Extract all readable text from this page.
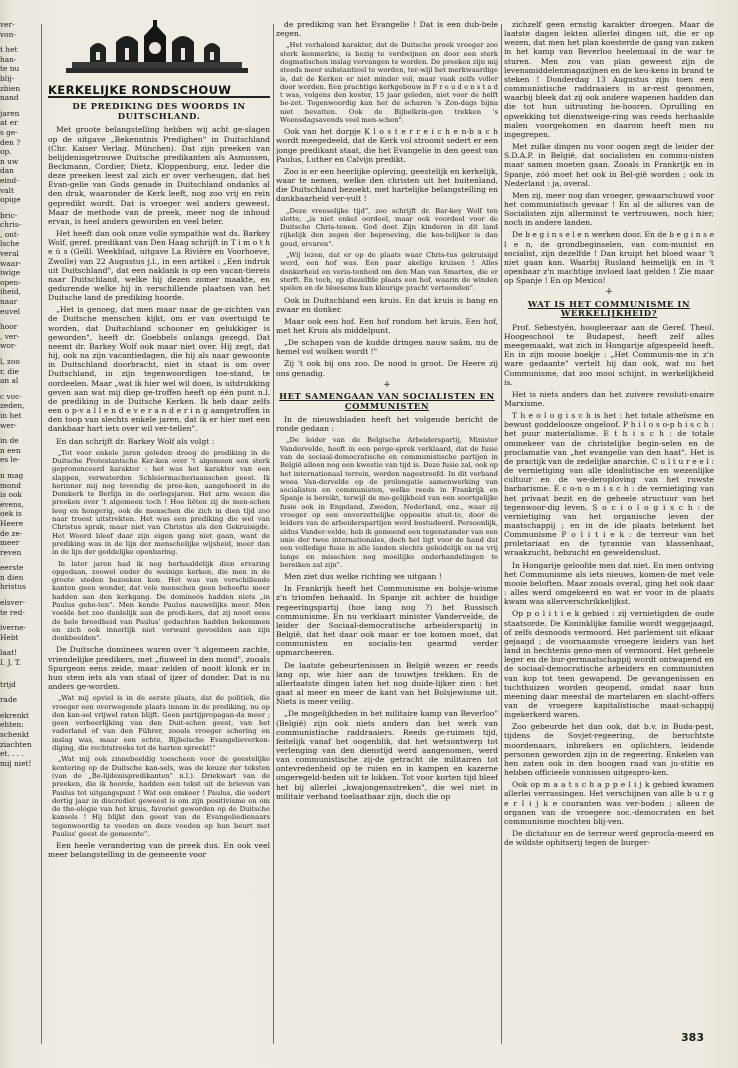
ver-
von-
t het
han-
te nu
blij-
zbien
nand
jaren
at er
s ge-
den ?
op.
n uw
dan
eind-
valt
opige
bric-
chris-
, ont-
lsche
veral
waar-
iwige
open-
iheid,
naar
euvel
hoor
, ver-
wor-
l, zoo
r, die
an al
c voc-
zeden,
in het
wer-
in de
n een
es le-
n mag
mond
is ook
evens,
oek is
Heere
de ze-
meer
reven
eerste
n dien
hristus
elsver-
te red-
iverne-
Hebt
laat!
I. J. T.
trijd
rade
ekrenkt
ehten:
schenkt
ziachten
et. . . .
mij niet!
KERKELIJKE RONDSCHOUW
DE PREDIKING DES WOORDS IN DUITSCHLAND.

Met groote belangstelling hebben wij acht ge-slagen op de uitgave „Bekenntnis Predighen" in Duitschland (Chr. Kaiser Verlag. München). Dat zijn preeken van belijdenisgetrouwe Duitsche predikanten als Asmussen, Beckmann, Cordier, Dietz, Kloppenburg, enz. Ieder die deze preeken leest zal zich er over verheugen, dat het Evan-gelie van Gods genade in Duitschland ondanks al den druk, waaronder de Kerk leeft, nog zoo vrij en rein gepredikt wordt. Dat is vroeger wel anders geweest. Maar de methode van de preek, meer nog de inhoud ervan, is heel anders geworden en veel beter.

Het heeft dan ook onze volle sympathie wat ds. Barkey Wolf, geref. predikant van Den Haag schrijft in T i m o t h e ü s (Geïll. Weekblad, uitgave La Rivière en Voorhoeve, Zwolle) van 22 Augustus j.l., in een artikel : „Een indruk uit Duitschland", dat een naklank is op een vacan-tiereis naar Duitschland, welke hij dezen zomer maakte, en gedurende welke hij in verschillende plaatsen van het Duitsche land de prediking hoorde.

„Het is genoeg, dat men maar naar de ge-zichten van de Duitsche menschen kijkt, om er van overtuigd te worden, dat Duitschland schooner en gelukkiger is geworden", heeft dr. Goebbels onlangs gezegd. Dat neemt dr. Barkey Wolf ook maar niet over. Hij zegt, dat hij, ook na zijn vacantiedagen, die hij als naar gewoonte in Duitschland doorbracht, niet in staat is om over Duitschland, in zijn tegenwoordigen toe-stand, te oordeelen. Maar „wat ik hier wel wil doen, is uitdrukking geven aan wat mij diep ge-troffen heeft op één punt n.l. de prediking in de Duitsche Kerken. Ik heb daar zelfs een o p-v a l l e n d e v e r a n d e r i n g aangetroffen in den toop van slechts enkele jaren, dat ik er hier met een dankbaar hart iets over wil ver-tellen".

En dan schrijft dr. Barkey Wolf als volgt :

„Tot voor enkele jaren geleden droeg de prediking in de Duitsche Protestantsche Ker-ken over 't algemeen een sterk geprononceerd karakter : het was het karakter van een slappen, verwaterden Schleiermacheriaanschen geest. Ik herinner mij nog levendig de pree-ken, aangehoord in de Domkerk te Berlijn in de oorlogsjaren. Het arm wezen die preeken over 't algemeen toch ! Hoe liëten zij de men-schen leeg en hongerig, ook de menschen die zich in dien tijd zoo naar troost uitstrekten. Het was een prediking die wel van Christus sprak, maar niet van Christus als den Gekruisigde. Het Woord bleef daar zijn eigen gang niet gaan, want de prediking was in de lijn der menschelijke wijsheid, meer dan in de lijn der goddelijke openbaring.

In later jaren had ik nog herhaaldelijk dien ervaring opgedaan, zoowel onder de weinige kerken, die men in de groote steden bezoeken kon. Het was van verschillende kanten geen wonder, dat vele menschen geen behoefte meer hadden aan den kerkgang. De domineés hadden niets „in Paulus gebe-ten". Men kende Paulus nauwelijks meer. Men voelde het zoo duidelijk aan de predi-kers, dat zij nooit eens de hele breedheid van Paulus' gedachten hadden bekommen en zich ook innerlijk niet verwant gevoelden aan zijn denkbeelden".

De Duitsche dominees waren over 't algemeen zachte, vriendelijke predikers, met „fiuweel in den mond", zooals Spurgeon eens zeide, maar zelden of nooit klonk er in hun stem iets als van staal of ijzer of donder. Dat is nu anders ge-worden.

„Wat mij opviel is in de eerste plaats, dat de politiek, die vroeger een overwegende plaats innam in de prediking, nu op den kan-sel vrijwel raten blijft. Geen partijpropagan-da meer ; geen verheerlijking van den Duit-schen geest, van het vaderland of van den Führer, zooals vroeger schering en inslag was, maar een echte, Bijbelsche Evangelieverkon-diging, die rechtstreeks tot de harten spreekt!"

„Wat mij ook zinnebeeldig toescheen voor de geestelijke kentering op de Duitsche kan-sels, was de keuze der teksten (van de „Be-lijdenispredikanten" n.l.). Driekwart van de preeken, die ik hoorde, hadden een tekst uit de brieven van Paulus tot uitgangspunt ! Wat een omkeer ! Paulus, die sedert dertig jaar in discrediet geweest is om zijn positivisme en om de the-ologie van het kruis, favoriet geworden op de Duitsche kansels ! Hij blijkt den geest van de Evangeliedienaars tegenwoordig te voeden en deze voeden op hun beurt met Paulus' geest de gemeente".

Een heele verandering van de preek dus. En ook veel meer belangstelling in de gemeente voor

de prediking van het Evangelie ! Dat is een dub-bele zegen.

„Het verhalend karakter, dat de Duitsche preek vroeger zoo sterk kenmerkte, is bezig te verdwijnen en door een sterk dogmatischen inslag vervangen te worden. De preeken zijn mij steeds meer substantieel te worden, ter-wijl het merkwaardige is, dat de Kerken er niet minder vol, maar vaak zelfs voller door worden. Een prachtige kerkgebouw in F r e u d e n s t a d t was, volgens den koster, 15 jaar geleden, niet voor de helft be-zet. Tegenwoordig kan het de scharen 's Zon-dags bijna niet bevatten. Ook de Bijbelkrin-gen trekken 's Woensdagsavonds veel men-schen".

Ook van het dorpje K l o s t e r r e i c h e n-b a c h wordt meegedeeld, dat de Kerk vol stroomt sedert er een jonge predikant staat, die het Evangelie in den geest van Paulus, Luther en Calvijn predikt.

Zoo is er een heerlijke opleving, geestelijk en kerkelijk, waar te nemen, welke den christen uit het buitenland, die Duitschland bezoekt, met hartelijke belangstelling en dankbaarheid ver-vult !

„Deze vreeselijke tijd", zoo schrijft dr. Bar-key Wolf ten slotte, „is niet enkel oordeel, maar ook voordeel voor de Duitsche Chris-tenen. God doet Zijn kinderen in dit land rijkelijk den zegen der beproeving, die kos-telijker is dan goud, ervaren".

„Wij lezen, dat er op de plaats waar Chris-tus gekruisigd werd, een hof was. Een paar akelige kruisen ! Alles donkerheid en veria-tenheid om den Man van Smarten, die er sterft. En toch, op diezelfde plaats een hof, waarin de winden spelen en de bloesems hun kleurige pracht vertoonden".

Ook in Duitschland een kruis. En dat kruis is bang en zwaar en donker.

Maar ook een hof. Een hof rondom het kruis. Een hof, met het Kruis als middelpunt.

„De schapen van de kudde dringen nauw saâm, nu de hemel vol wolken wordt !"

Zij 't ook bij ons zoo. De nood is groot. De Heere zij ons genadig.

+
HET SAMENGAAN VAN SOCIALISTEN EN COMMUNISTEN

In de nieuwsbladen heeft het volgende bericht de ronde gedaan :

„De leider van de Belgische Arbeiderspartij, Minister Vandervelde, heeft in een perge-sprek verklaard, dat de fusie van de sociaal-democratische en communistische partijen in België alleen nog een kwestie van tijd is. Deze fusie zal, ook op het internationaal terrein, worden nagestreefd. In dit verband weea Van-dervelde op de prolongatie samenwerking van socialisten en communisten, welke reeds in Frankrijk en Spanje is bereikt, terwijl de mo-gelijkheid van een soortgelijke fusie ook in Engeland, Zweden, Nederland, enz., waar zij vroeger op een onverzettelijke oppositie stuit-te, door de leiders van de arbeiderspartijen werd bestudeerd. Persoonlijk, aldus Vander-velde, heb ik gemeend een tegenstander van een unie der twee internationales, doch het ligt voor de hand dat een volledige fusie in alle landen slechts geleidelijk en na vrij lange en misschien nog moeilijke onderhandelingen te bereiken zal zijn".

Men ziet dus welke richting we uitgaan !

In Frankrijk heeft het Communisme en bolsje-wisme z'n triomfen behaald. In Spanje zit achter de huidige regeeringspartij (hoe lang nog ?) het Russisch communisme. En nu verklaart minister Vandervelde, de leider der Sociaal-democratische arbeiderspartij in België, dat het daar ook maar er toe komen moet, dat communisten en socialis-ten gearmd verder opmarcheeren.

De laatste gebeurtenissen in België wezen er reeds lang op, wie hier aan de touwtjes trekken. En de allerlaatste dingen laten het nog duide-lijker zien : het gaat al meer en meer de kant van het Bolsjewisme uit. Niets is meer veilig.

„De mogelijkheden in het militaire kamp van Beverloo" (België) zijn ook niets anders dan het werk van communistische raddraaiers. Reeds ge-ruimen tijd, feitelijk vanaf het oogenblik, dat het wetsontwerp tot verlenging van den dienstijd werd aangenomen, werd van communistische zij-de getracht de militairen tot ontevredenheid op te ruien en in kampen en kazerne ongeregeld-heden uit te lokken. Tot voor korten tijd bleef het bij allerlei „kwajongensstreken", die wel niet in militair verband toelaatbaar zijn, doch die op

zichzelf geen ernstig karakter droegen. Maar de laatste dagen lekten allerlei dingen uit, die er op wezen, dat men het plan koesterde de gang van zaken in het kamp van Beverloo heelemaal in de war te sturen. Men zou van plan geweest zijn de levensmiddelenmagazijnen en de keu-kens in brand te steken ! Donderdag 13 Augustus zijn toen een communistische raddraaiers in ar-rest genomen, waarbij bleek dat zij ook andere wapenen hadden dan die tot hun uitrusting be-hooren. Oprulling en opwekking tot dienstweige-ring was reeds herhaalde malen voorgekomen en daarom heeft men nu ingegrepen.

Met zulke dingen nu voor oogen zegt de leider der S.D.A.P. in België, dat socialisten en commu-nisten maar samen moeten gaan. Zooals in Frankrijk en in Spanje, zóó moet het ook in Bel-gië worden ; ook in Nederland : ja, overal.

Men zij, meer nog dan vroeger, gewaarschuwd voor het communistisch gevaar ! En al de allures van de Socialisten zijn allerminst te vertrouwen, noch hier, noch in andere landen.

De b e g i n s e l e n werken door. En de b e g i n s e l e n, de grondbeginselen, van com-munist en socialist, zijn dezelfde ! Dan kruipt het bloed waar 't niet gaan kan. Waarbij Rusland heimelijk en in 't openbaar z'n machtige invloed laat gelden ! Zie maar op Spanje ! En op Mexico!

+
WAT IS HET COMMUNISME IN WERKELIJKHEID?

Prof. Sebestyén, hoogleeraar aan de Geref. Theol. Hoogeschool te Budapest, heeft zelf alles meegemaakt, wat zich in Hongarije afgespeeld heeft. En in zijn mooie boekje : „Het Communis-me in z'n ware gedaante" vertelt hij dan ook, wat nu het Communisme, dat zoo mooi schijnt, in werkelijkheid is.

Het is niets anders dan het zuivere revoluti-onaire Marxisme.

T h e o l o g i s c h is het : het totale atheïsme en bewust goddeloosze ongeloof. P h i l o s o-p h i s c h : het puur materialisme. E t h i s c h : de totale ommekeer van de christelijke begin-selen en de proclamatie van „het evangelie van den haat". Het is de practijk van de zedelijke anarchie. C u l t u r e e l : de vernietiging van alle idealistische en wezenlijke cultuur en de we-deroploving van het ruwste barbarisme. E c o-n o m i s c h : de vernietiging van het privaat bezit en de geheele structuur van het tegenwoor-dig leven. S o c i o l o g i s c h : de vernietiging van het organische leven der maatschappij ; en in de ide plaats betekent het Communisme P o l i t i e k : de terreur van het proletariaat en de tyrannie van klassenhaat, wraakzucht, hebzucht en geweldenslust.

In Hongarije geloofde men dat niet. En men ontving het Communisme als iets nieuws, komen-de met vele mooie beloften. Maar zooals overal, ging het ook daar : alles werd omgekeerd en wat er voor in de plaats kwam was allerverschrikkelijkst.

Op p o l i t i e k gebied : zij vernietigden de oude staatsorde. De Koninklijke familie wordt weggejaagd, of zelfs desnoods vermoord. Het parlement uit elkaar gejaagd ; de voornaamste vroegere leiders van het land in hechtenis geno-men of vermoord. Het geheele leger en de bur-germaatschappij wordt ontwapend en de sociaal-democratische arbeiders en communisten van kop tot teen gewapend. De gevangenissen en tuchthuizen worden geopend, omdat naar hun meening daar meestal de martelaren en slacht-offers van de vroegere kapitalistische maat-schappij ingekerkerd waren.

Zoo gebeurde het dan ook, dat b.v. in Buda-pest, tijdens de Sovjet-regeering, de beruchtste moordenaars, inbrekers en oplichters, leidende personen geworden zijn in de regeering. Enkelen van hen zaten ook in den hoogen raad van ju-stitie en hebben officieele vonnissen uitgespro-ken.

Ook op m a a t s c h a p p e l i j k gebied kwamen allerlei verrassingen. Het verschijnen van alle b u r g e r l i j k e couranten was ver-boden ; alleen de organen van de vroegere soc.-democraten en het communisme mochten blij-ven.

De dictatuur en de terreur werd geprocla-meerd en de wildste ophitserij tegen de burger-

383
